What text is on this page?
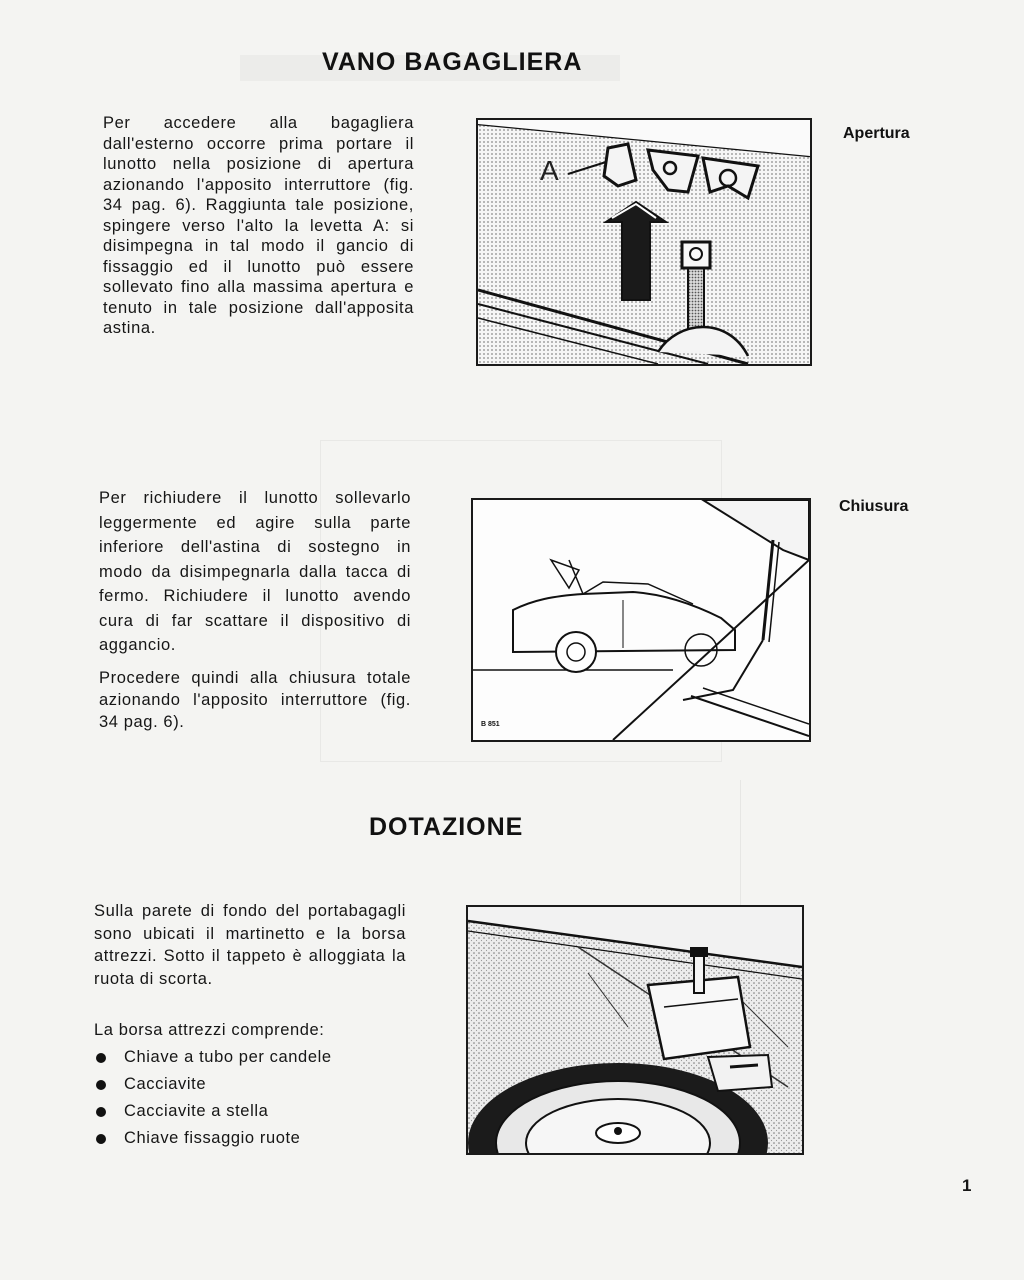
VANO BAGAGLIERA

Per accedere alla bagagliera dall'esterno occorre prima portare il lunotto nella posizione di apertura azionando l'apposito interruttore (fig. 34 pag. 6). Raggiunta tale posizione, spingere verso l'alto la levetta A: si disimpegna in tal modo il gancio di fissaggio ed il lunotto può essere sollevato fino alla massima apertura e tenuto in tale posizione dall'apposita astina.

A
Apertura

Per richiudere il lunotto sollevarlo leggermente ed agire sulla parte inferiore dell'astina di sostegno in modo da disimpegnarla dalla tacca di fermo. Richiudere il lunotto avendo cura di far scattare il dispositivo di aggancio.

Procedere quindi alla chiusura totale azionando l'apposito interruttore (fig. 34 pag. 6).	B 851
Chiusura
DOTAZIONE

Sulla parete di fondo del portabagagli sono ubicati il martinetto e la borsa attrezzi. Sotto il tappeto è alloggiata la ruota di scorta.

La borsa attrezzi comprende:

Chiave a tubo per candele
Cacciavite
Cacciavite a stella
Chiave fissaggio ruote
1
